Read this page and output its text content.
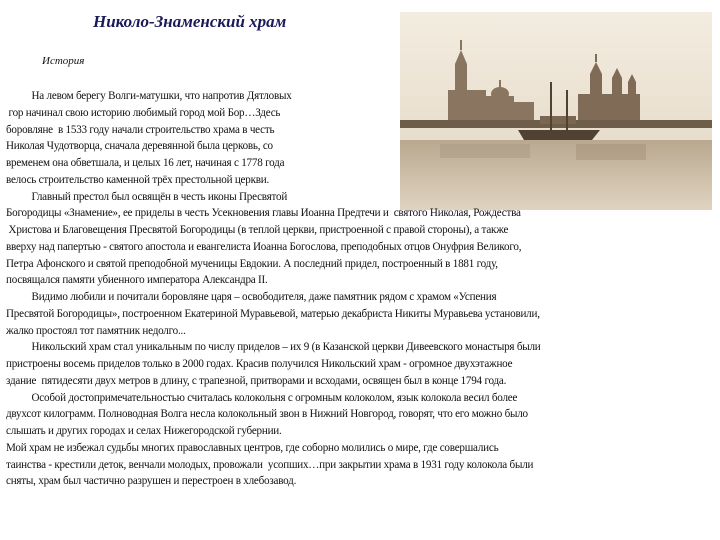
Николо-Знаменский храм
История
На левом берегу Волги-матушки, что напротив Дятловых
гор начинал свою историю любимый город мой Бор…Здесь
боровляне  в 1533 году начали строительство храма в честь
Николая Чудотворца, сначала деревянной была церковь, со
временем она обветшала, и целых 16 лет, начиная с 1778 года
велось строительство каменной трёх престольной церкви.
Главный престол был освящён в честь иконы Пресвятой
Богородицы «Знамение», ее приделы в честь Усекновения главы Иоанна Предтечи и  святого Николая, Рождества
Христова и Благовещения Пресвятой Богородицы (в теплой церкви, пристроенной с правой стороны), а также
вверху над папертью - святого апостола и евангелиста Иоанна Богослова, преподобных отцов Онуфрия Великого,
Петра Афонского и святой преподобной мученицы Евдокии. А последний придел, построенный в 1881 году,
посвящался памяти убиенного императора Александра II.
Видимо любили и почитали боровляне царя – освободителя, даже памятник рядом с храмом «Успения
Пресвятой Богородицы», построенном Екатериной Муравьевой, матерью декабриста Никиты Муравьева установили,
жалко простоял тот памятник недолго...
Никольский храм стал уникальным по числу приделов – их 9 (в Казанской церкви Дивеевского монастыря были
пристроены восемь приделов только в 2000 годах. Красив получился Никольский храм - огромное двухэтажное
здание  пятидесяти двух метров в длину, с трапезной, притворами и всходами, освящен был в конце 1794 года.
Особой достопримечательностью считалась колокольня с огромным колоколом, язык колокола весил более
двухсот килограмм. Полноводная Волга несла колокольный звон в Нижний Новгород, говорят, что его можно было
слышать и других городах и селах Нижегородской губернии.
Мой храм не избежал судьбы многих православных центров, где соборно молились о мире, где совершались
таинства - крестили деток, венчали молодых, провожали  усопших…при закрытии храма в 1931 году колокола были
сняты, храм был частично разрушен и перестроен в хлебозавод.
